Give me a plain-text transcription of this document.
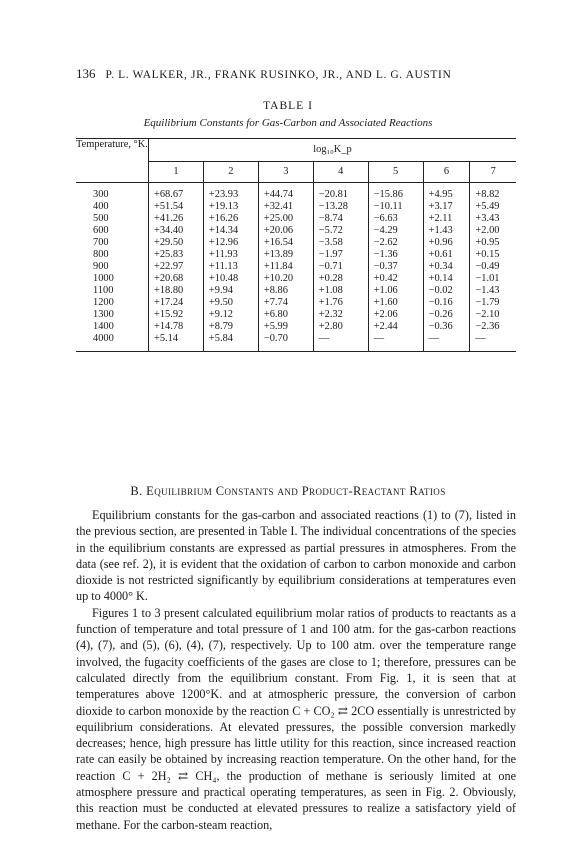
136 P. L. WALKER, JR., FRANK RUSINKO, JR., AND L. G. AUSTIN
TABLE I
Equilibrium Constants for Gas-Carbon and Associated Reactions
Temperature, °K.	log₁₀K_p						
	1	2	3	4	5	6	7

300	+68.67	+23.93	+44.74	−20.81	−15.86	+4.95	+8.82
400	+51.54	+19.13	+32.41	−13.28	−10.11	+3.17	+5.49
500	+41.26	+16.26	+25.00	−8.74	−6.63	+2.11	+3.43
600	+34.40	+14.34	+20.06	−5.72	−4.29	+1.43	+2.00
700	+29.50	+12.96	+16.54	−3.58	−2.62	+0.96	+0.95
800	+25.83	+11.93	+13.89	−1.97	−1.36	+0.61	+0.15
900	+22.97	+11.13	+11.84	−0.71	−0.37	+0.34	−0.49
1000	+20.68	+10.48	+10.20	+0.28	+0.42	+0.14	−1.01
1100	+18.80	+9.94	+8.86	+1.08	+1.06	−0.02	−1.43
1200	+17.24	+9.50	+7.74	+1.76	+1.60	−0.16	−1.79
1300	+15.92	+9.12	+6.80	+2.32	+2.06	−0.26	−2.10
1400	+14.78	+8.79	+5.99	+2.80	+2.44	−0.36	−2.36
4000	+5.14	+5.84	−0.70	—	—	—	—

B. Equilibrium Constants and Product-Reactant Ratios

Equilibrium constants for the gas-carbon and associated reactions (1) to (7), listed in the previous section, are presented in Table I. The individual concentrations of the species in the equilibrium constants are expressed as partial pressures in atmospheres. From the data (see ref. 2), it is evident that the oxidation of carbon to carbon monoxide and carbon dioxide is not restricted significantly by equilibrium considerations at temperatures even up to 4000° K.

Figures 1 to 3 present calculated equilibrium molar ratios of products to reactants as a function of temperature and total pressure of 1 and 100 atm. for the gas-carbon reactions (4), (7), and (5), (6), (4), (7), respectively. Up to 100 atm. over the temperature range involved, the fugacity coefficients of the gases are close to 1; therefore, pressures can be calculated directly from the equilibrium constant. From Fig. 1, it is seen that at temperatures above 1200°K. and at atmospheric pressure, the conversion of carbon dioxide to carbon monoxide by the reaction C + CO₂ ⇄ 2CO essentially is unrestricted by equilibrium considerations. At elevated pressures, the possible conversion markedly decreases; hence, high pressure has little utility for this reaction, since increased reaction rate can easily be obtained by increasing reaction temperature. On the other hand, for the reaction C + 2H₂ ⇄ CH₄, the production of methane is seriously limited at one atmosphere pressure and practical operating temperatures, as seen in Fig. 2. Obviously, this reaction must be conducted at elevated pressures to realize a satisfactory yield of methane. For the carbon-steam reaction,
